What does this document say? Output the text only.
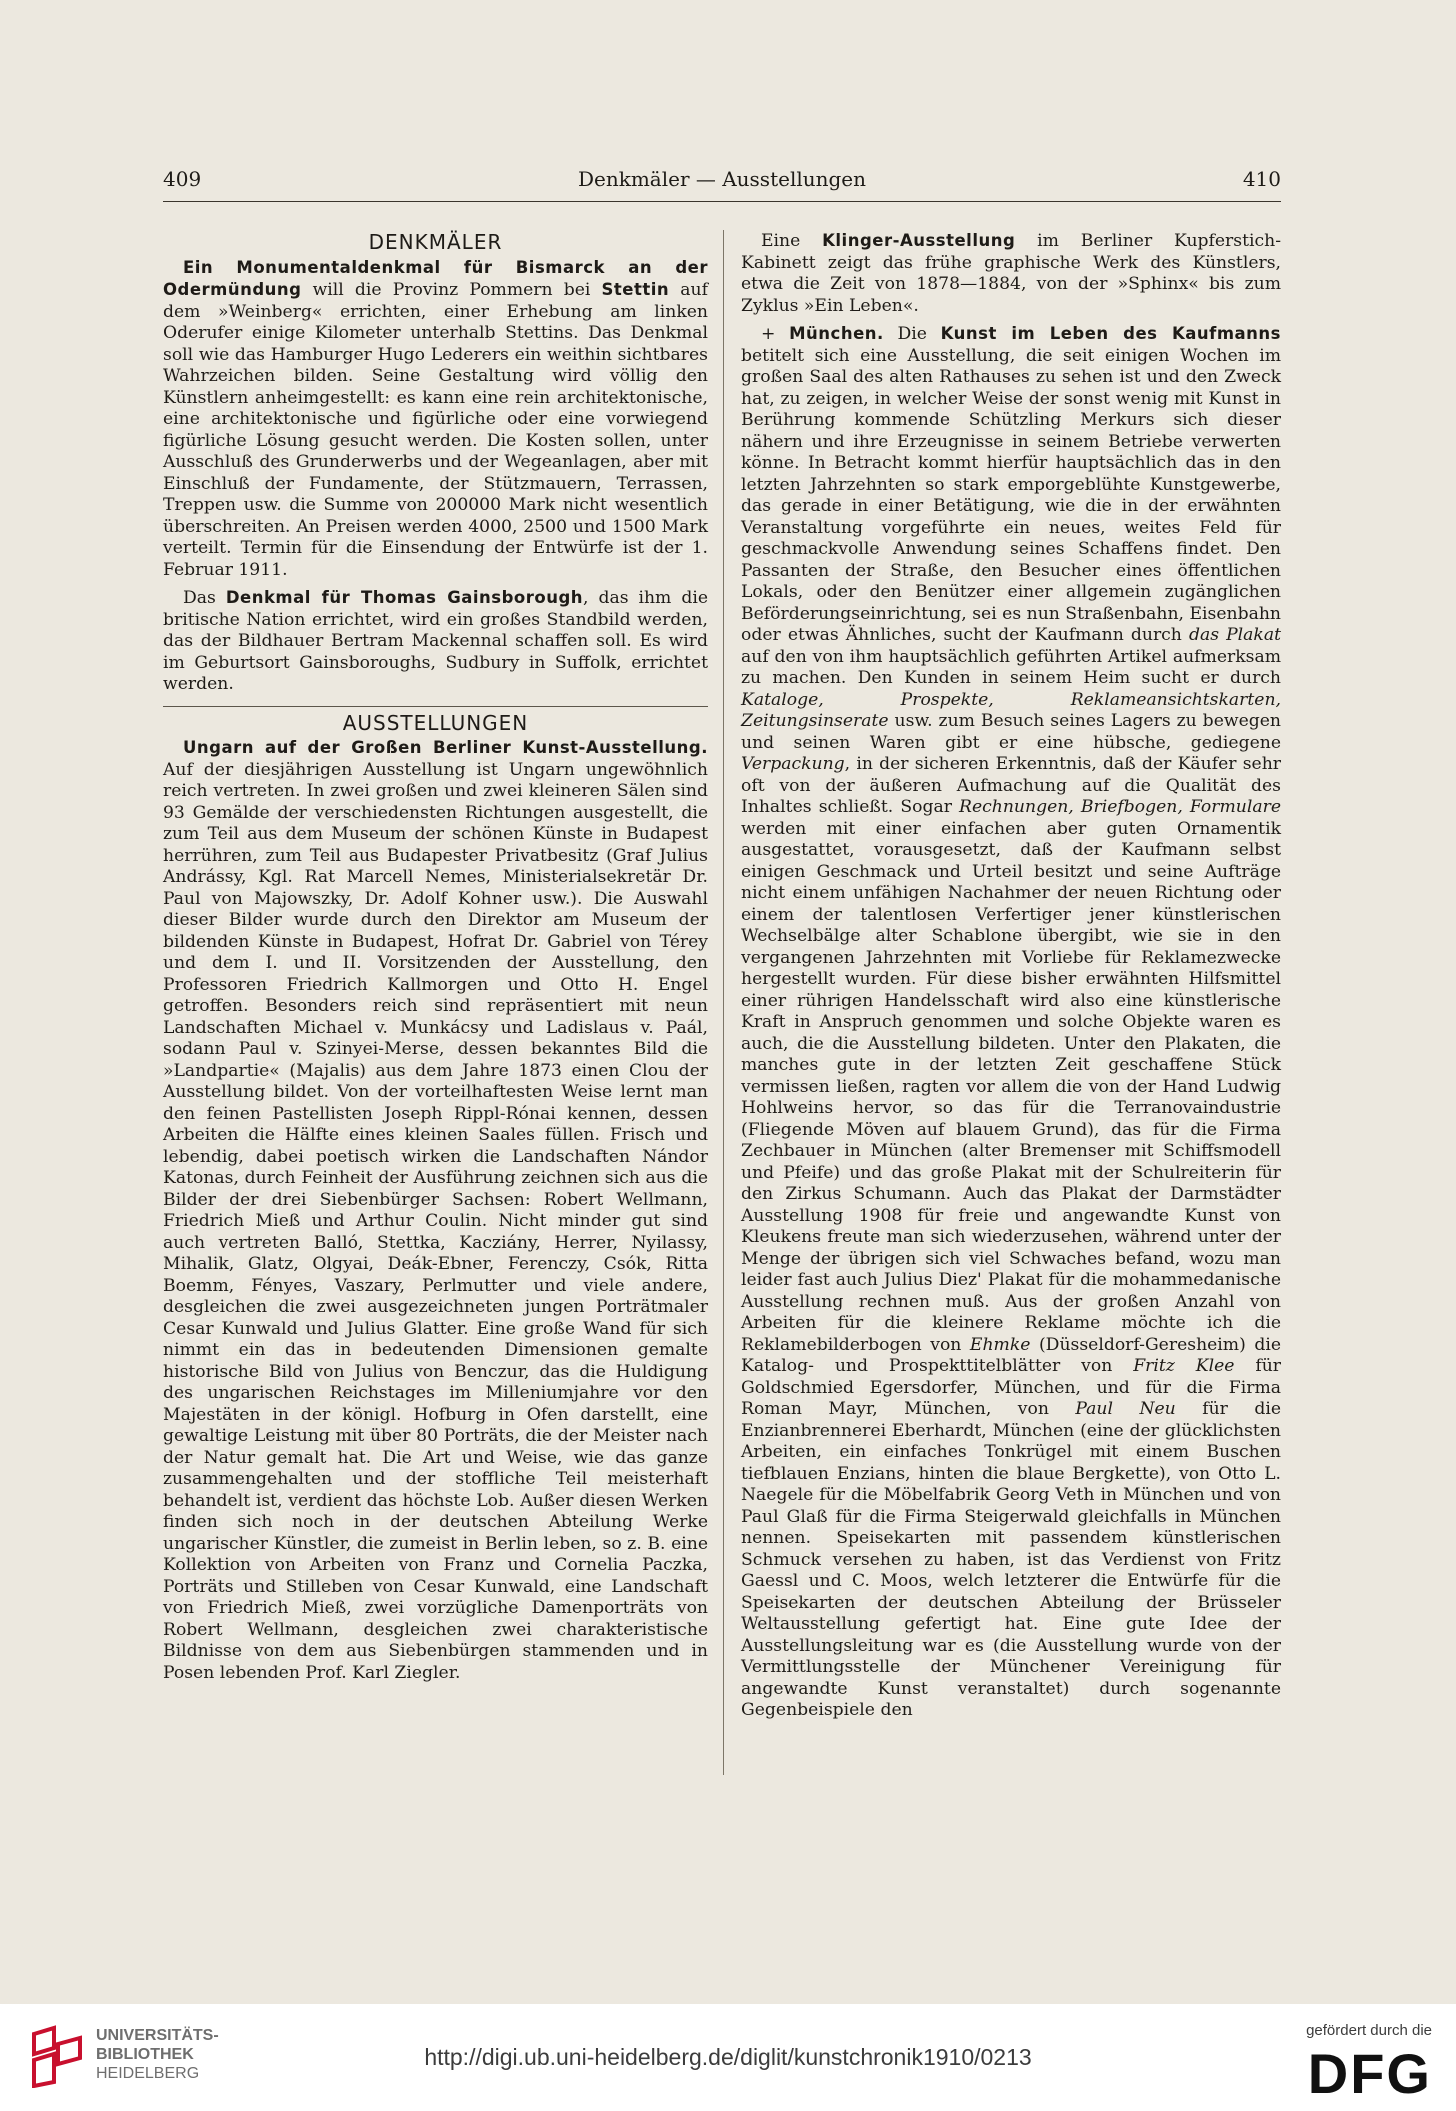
409	Denkmäler — Ausstellungen	410
DENKMÄLER

Ein Monumentaldenkmal für Bismarck an der Odermündung will die Provinz Pommern bei Stettin auf dem »Weinberg« errichten, einer Erhebung am linken Oderufer einige Kilometer unterhalb Stettins. Das Denkmal soll wie das Hamburger Hugo Lederers ein weithin sichtbares Wahrzeichen bilden. Seine Gestaltung wird völlig den Künstlern anheimgestellt: es kann eine rein architektonische, eine architektonische und figürliche oder eine vorwiegend figürliche Lösung gesucht werden. Die Kosten sollen, unter Ausschluß des Grunderwerbs und der Wegeanlagen, aber mit Einschluß der Fundamente, der Stützmauern, Terrassen, Treppen usw. die Summe von 200000 Mark nicht wesentlich überschreiten. An Preisen werden 4000, 2500 und 1500 Mark verteilt. Termin für die Einsendung der Entwürfe ist der 1. Februar 1911.

Das Denkmal für Thomas Gainsborough, das ihm die britische Nation errichtet, wird ein großes Standbild werden, das der Bildhauer Bertram Mackennal schaffen soll. Es wird im Geburtsort Gainsboroughs, Sudbury in Suffolk, errichtet werden.

AUSSTELLUNGEN

Ungarn auf der Großen Berliner Kunst-Ausstellung. Auf der diesjährigen Ausstellung ist Ungarn ungewöhnlich reich vertreten. In zwei großen und zwei kleineren Sälen sind 93 Gemälde der verschiedensten Richtungen ausgestellt, die zum Teil aus dem Museum der schönen Künste in Budapest herrühren, zum Teil aus Budapester Privatbesitz (Graf Julius Andrássy, Kgl. Rat Marcell Nemes, Ministerialsekretär Dr. Paul von Majowszky, Dr. Adolf Kohner usw.). Die Auswahl dieser Bilder wurde durch den Direktor am Museum der bildenden Künste in Budapest, Hofrat Dr. Gabriel von Térey und dem I. und II. Vorsitzenden der Ausstellung, den Professoren Friedrich Kallmorgen und Otto H. Engel getroffen. Besonders reich sind repräsentiert mit neun Landschaften Michael v. Munkácsy und Ladislaus v. Paál, sodann Paul v. Szinyei-Merse, dessen bekanntes Bild die »Landpartie« (Majalis) aus dem Jahre 1873 einen Clou der Ausstellung bildet. Von der vorteilhaftesten Weise lernt man den feinen Pastellisten Joseph Rippl-Rónai kennen, dessen Arbeiten die Hälfte eines kleinen Saales füllen. Frisch und lebendig, dabei poetisch wirken die Landschaften Nándor Katonas, durch Feinheit der Ausführung zeichnen sich aus die Bilder der drei Siebenbürger Sachsen: Robert Wellmann, Friedrich Mieß und Arthur Coulin. Nicht minder gut sind auch vertreten Balló, Stettka, Kacziány, Herrer, Nyilassy, Mihalik, Glatz, Olgyai, Deák-Ebner, Ferenczy, Csók, Ritta Boemm, Fényes, Vaszary, Perlmutter und viele andere, desgleichen die zwei ausgezeichneten jungen Porträtmaler Cesar Kunwald und Julius Glatter. Eine große Wand für sich nimmt ein das in bedeutenden Dimensionen gemalte historische Bild von Julius von Benczur, das die Huldigung des ungarischen Reichstages im Milleniumjahre vor den Majestäten in der königl. Hofburg in Ofen darstellt, eine gewaltige Leistung mit über 80 Porträts, die der Meister nach der Natur gemalt hat. Die Art und Weise, wie das ganze zusammengehalten und der stoffliche Teil meisterhaft behandelt ist, verdient das höchste Lob. Außer diesen Werken finden sich noch in der deutschen Abteilung Werke ungarischer Künstler, die zumeist in Berlin leben, so z. B. eine Kollektion von Arbeiten von Franz und Cornelia Paczka, Porträts und Stilleben von Cesar Kunwald, eine Landschaft von Friedrich Mieß, zwei vorzügliche Damenporträts von Robert Wellmann, desgleichen zwei charakteristische Bildnisse von dem aus Siebenbürgen stammenden und in Posen lebenden Prof. Karl Ziegler.

Eine Klinger-Ausstellung im Berliner Kupferstich-Kabinett zeigt das frühe graphische Werk des Künstlers, etwa die Zeit von 1878—1884, von der »Sphinx« bis zum Zyklus »Ein Leben«.

+ München. Die Kunst im Leben des Kaufmanns betitelt sich eine Ausstellung, die seit einigen Wochen im großen Saal des alten Rathauses zu sehen ist und den Zweck hat, zu zeigen, in welcher Weise der sonst wenig mit Kunst in Berührung kommende Schützling Merkurs sich dieser nähern und ihre Erzeugnisse in seinem Betriebe verwerten könne. In Betracht kommt hierfür hauptsächlich das in den letzten Jahrzehnten so stark emporgeblühte Kunstgewerbe, das gerade in einer Betätigung, wie die in der erwähnten Veranstaltung vorgeführte ein neues, weites Feld für geschmackvolle Anwendung seines Schaffens findet. Den Passanten der Straße, den Besucher eines öffentlichen Lokals, oder den Benützer einer allgemein zugänglichen Beförderungseinrichtung, sei es nun Straßenbahn, Eisenbahn oder etwas Ähnliches, sucht der Kaufmann durch das Plakat auf den von ihm hauptsächlich geführten Artikel aufmerksam zu machen. Den Kunden in seinem Heim sucht er durch Kataloge, Prospekte, Reklameansichtskarten, Zeitungsinserate usw. zum Besuch seines Lagers zu bewegen und seinen Waren gibt er eine hübsche, gediegene Verpackung, in der sicheren Erkenntnis, daß der Käufer sehr oft von der äußeren Aufmachung auf die Qualität des Inhaltes schließt. Sogar Rechnungen, Briefbogen, Formulare werden mit einer einfachen aber guten Ornamentik ausgestattet, vorausgesetzt, daß der Kaufmann selbst einigen Geschmack und Urteil besitzt und seine Aufträge nicht einem unfähigen Nachahmer der neuen Richtung oder einem der talentlosen Verfertiger jener künstlerischen Wechselbälge alter Schablone übergibt, wie sie in den vergangenen Jahrzehnten mit Vorliebe für Reklamezwecke hergestellt wurden. Für diese bisher erwähnten Hilfsmittel einer rührigen Handelsschaft wird also eine künstlerische Kraft in Anspruch genommen und solche Objekte waren es auch, die die Ausstellung bildeten. Unter den Plakaten, die manches gute in der letzten Zeit geschaffene Stück vermissen ließen, ragten vor allem die von der Hand Ludwig Hohlweins hervor, so das für die Terranovaindustrie (Fliegende Möven auf blauem Grund), das für die Firma Zechbauer in München (alter Bremenser mit Schiffsmodell und Pfeife) und das große Plakat mit der Schulreiterin für den Zirkus Schumann. Auch das Plakat der Darmstädter Ausstellung 1908 für freie und angewandte Kunst von Kleukens freute man sich wiederzusehen, während unter der Menge der übrigen sich viel Schwaches befand, wozu man leider fast auch Julius Diez' Plakat für die mohammedanische Ausstellung rechnen muß. Aus der großen Anzahl von Arbeiten für die kleinere Reklame möchte ich die Reklamebilderbogen von Ehmke (Düsseldorf-Geresheim) die Katalog- und Prospekttitelblätter von Fritz Klee für Goldschmied Egersdorfer, München, und für die Firma Roman Mayr, München, von Paul Neu für die Enzianbrennerei Eberhardt, München (eine der glücklichsten Arbeiten, ein einfaches Tonkrügel mit einem Buschen tiefblauen Enzians, hinten die blaue Bergkette), von Otto L. Naegele für die Möbelfabrik Georg Veth in München und von Paul Glaß für die Firma Steigerwald gleichfalls in München nennen. Speisekarten mit passendem künstlerischen Schmuck versehen zu haben, ist das Verdienst von Fritz Gaessl und C. Moos, welch letzterer die Entwürfe für die Speisekarten der deutschen Abteilung der Brüsseler Weltausstellung gefertigt hat. Eine gute Idee der Ausstellungsleitung war es (die Ausstellung wurde von der Vermittlungsstelle der Münchener Vereinigung für angewandte Kunst veranstaltet) durch sogenannte Gegenbeispiele den

UNIVERSITÄTS-
BIBLIOTHEK
HEIDELBERG
http://digi.ub.uni-heidelberg.de/diglit/kunstchronik1910/0213
gefördert durch die
DFG
